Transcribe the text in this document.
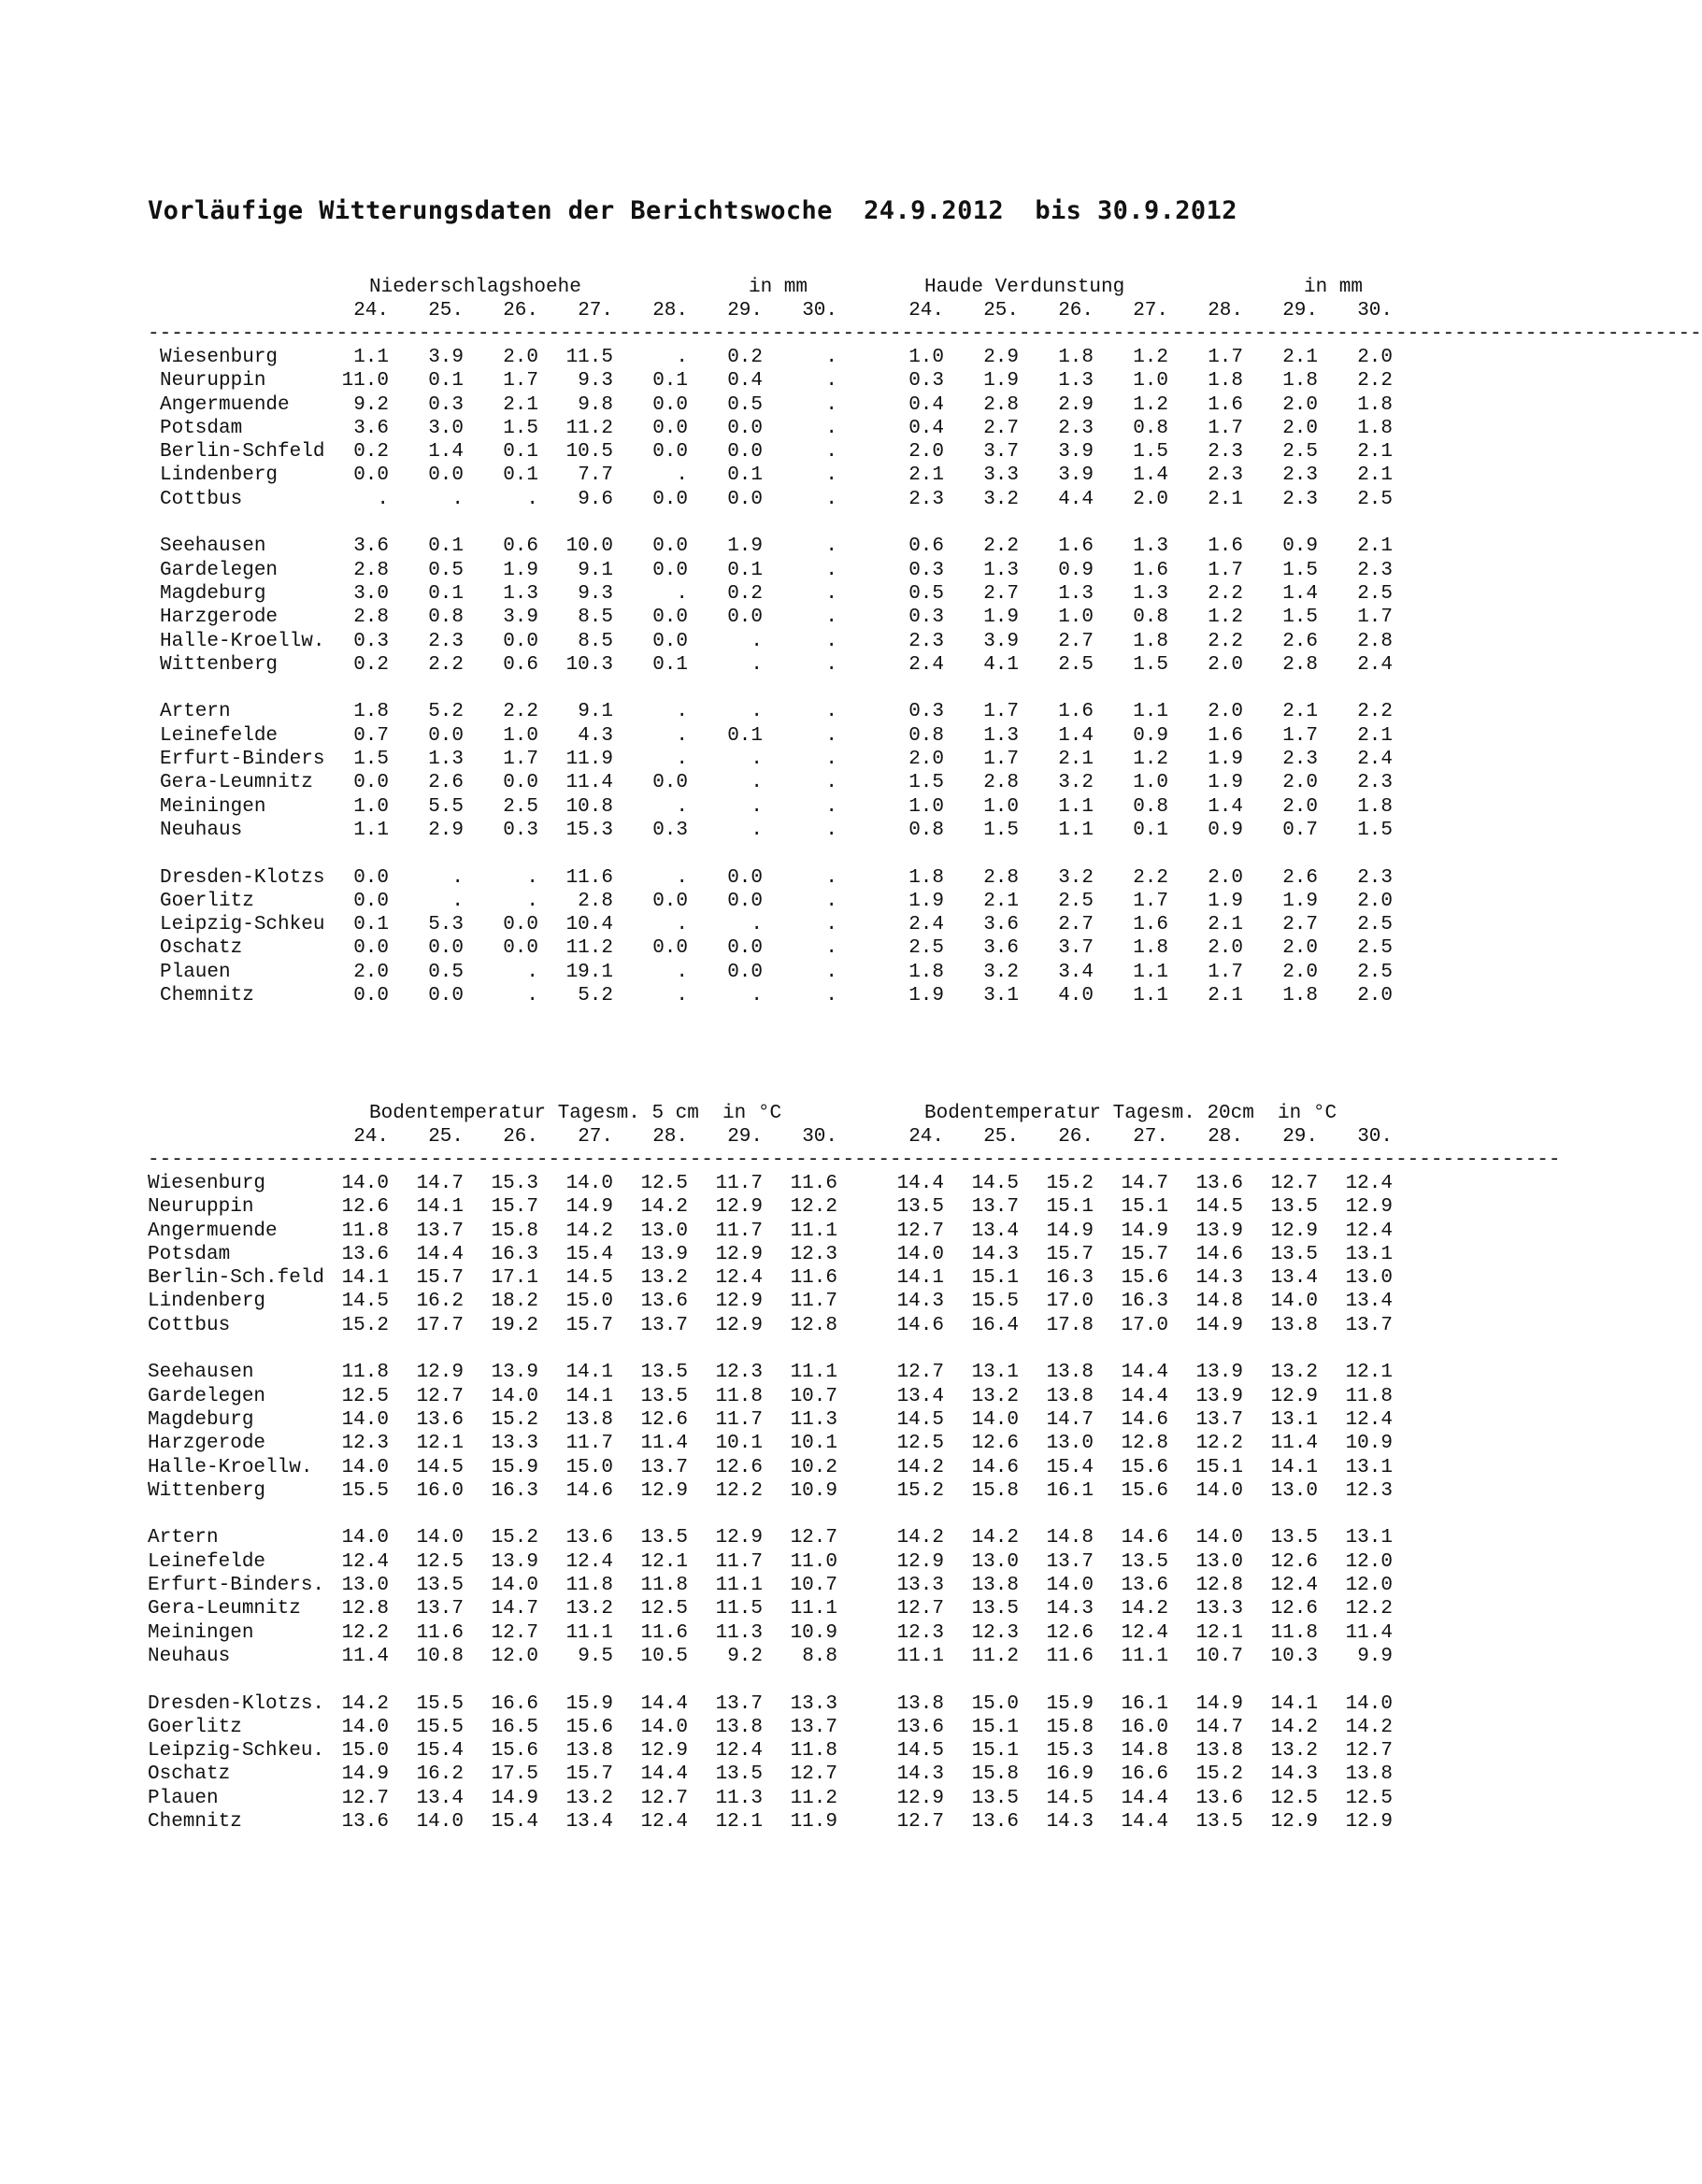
Vorläufige Witterungsdaten der Berichtswoche  24.9.2012  bis 30.9.2012
Niederschlagshoehe	in mm	Haude Verdunstung	in mm
24.	25.	26.	27.	28.	29.	30.	24.	25.	26.	27.	28.	29.	30.
------------------------------------------------------------------ ------------------------------------------------------------------
Wiesenburg	1.1	3.9	2.0	11.5	.	0.2	.	1.0	2.9	1.8	1.2	1.7	2.1	2.0
Neuruppin	11.0	0.1	1.7	9.3	0.1	0.4	.	0.3	1.9	1.3	1.0	1.8	1.8	2.2
Angermuende	9.2	0.3	2.1	9.8	0.0	0.5	.	0.4	2.8	2.9	1.2	1.6	2.0	1.8
Potsdam	3.6	3.0	1.5	11.2	0.0	0.0	.	0.4	2.7	2.3	0.8	1.7	2.0	1.8
Berlin-Schfeld	0.2	1.4	0.1	10.5	0.0	0.0	.	2.0	3.7	3.9	1.5	2.3	2.5	2.1
Lindenberg	0.0	0.0	0.1	7.7	.	0.1	.	2.1	3.3	3.9	1.4	2.3	2.3	2.1
Cottbus	.	.	.	9.6	0.0	0.0	.	2.3	3.2	4.4	2.0	2.1	2.3	2.5
Seehausen	3.6	0.1	0.6	10.0	0.0	1.9	.	0.6	2.2	1.6	1.3	1.6	0.9	2.1
Gardelegen	2.8	0.5	1.9	9.1	0.0	0.1	.	0.3	1.3	0.9	1.6	1.7	1.5	2.3
Magdeburg	3.0	0.1	1.3	9.3	.	0.2	.	0.5	2.7	1.3	1.3	2.2	1.4	2.5
Harzgerode	2.8	0.8	3.9	8.5	0.0	0.0	.	0.3	1.9	1.0	0.8	1.2	1.5	1.7
Halle-Kroellw.	0.3	2.3	0.0	8.5	0.0	.	.	2.3	3.9	2.7	1.8	2.2	2.6	2.8
Wittenberg	0.2	2.2	0.6	10.3	0.1	.	.	2.4	4.1	2.5	1.5	2.0	2.8	2.4
Artern	1.8	5.2	2.2	9.1	.	.	.	0.3	1.7	1.6	1.1	2.0	2.1	2.2
Leinefelde	0.7	0.0	1.0	4.3	.	0.1	.	0.8	1.3	1.4	0.9	1.6	1.7	2.1
Erfurt-Binders	1.5	1.3	1.7	11.9	.	.	.	2.0	1.7	2.1	1.2	1.9	2.3	2.4
Gera-Leumnitz	0.0	2.6	0.0	11.4	0.0	.	.	1.5	2.8	3.2	1.0	1.9	2.0	2.3
Meiningen	1.0	5.5	2.5	10.8	.	.	.	1.0	1.0	1.1	0.8	1.4	2.0	1.8
Neuhaus	1.1	2.9	0.3	15.3	0.3	.	.	0.8	1.5	1.1	0.1	0.9	0.7	1.5
Dresden-Klotzs	0.0	.	.	11.6	.	0.0	.	1.8	2.8	3.2	2.2	2.0	2.6	2.3
Goerlitz	0.0	.	.	2.8	0.0	0.0	.	1.9	2.1	2.5	1.7	1.9	1.9	2.0
Leipzig-Schkeu	0.1	5.3	0.0	10.4	.	.	.	2.4	3.6	2.7	1.6	2.1	2.7	2.5
Oschatz	0.0	0.0	0.0	11.2	0.0	0.0	.	2.5	3.6	3.7	1.8	2.0	2.0	2.5
Plauen	2.0	0.5	.	19.1	.	0.0	.	1.8	3.2	3.4	1.1	1.7	2.0	2.5
Chemnitz	0.0	0.0	.	5.2	.	.	.	1.9	3.1	4.0	1.1	2.1	1.8	2.0
Bodentemperatur Tagesm. 5 cm  in °C	Bodentemperatur Tagesm. 20cm  in °C
24.	25.	26.	27.	28.	29.	30.	24.	25.	26.	27.	28.	29.	30.
------------------------------------------------------------------ ------------------------------------------------------
Wiesenburg	14.0	14.7	15.3	14.0	12.5	11.7	11.6	14.4	14.5	15.2	14.7	13.6	12.7	12.4
Neuruppin	12.6	14.1	15.7	14.9	14.2	12.9	12.2	13.5	13.7	15.1	15.1	14.5	13.5	12.9
Angermuende	11.8	13.7	15.8	14.2	13.0	11.7	11.1	12.7	13.4	14.9	14.9	13.9	12.9	12.4
Potsdam	13.6	14.4	16.3	15.4	13.9	12.9	12.3	14.0	14.3	15.7	15.7	14.6	13.5	13.1
Berlin-Sch.feld 14.1	15.7	17.1	14.5	13.2	12.4	11.6	14.1	15.1	16.3	15.6	14.3	13.4	13.0
Lindenberg	14.5	16.2	18.2	15.0	13.6	12.9	11.7	14.3	15.5	17.0	16.3	14.8	14.0	13.4
Cottbus	15.2	17.7	19.2	15.7	13.7	12.9	12.8	14.6	16.4	17.8	17.0	14.9	13.8	13.7
Seehausen	11.8	12.9	13.9	14.1	13.5	12.3	11.1	12.7	13.1	13.8	14.4	13.9	13.2	12.1
Gardelegen	12.5	12.7	14.0	14.1	13.5	11.8	10.7	13.4	13.2	13.8	14.4	13.9	12.9	11.8
Magdeburg	14.0	13.6	15.2	13.8	12.6	11.7	11.3	14.5	14.0	14.7	14.6	13.7	13.1	12.4
Harzgerode	12.3	12.1	13.3	11.7	11.4	10.1	10.1	12.5	12.6	13.0	12.8	12.2	11.4	10.9
Halle-Kroellw.	14.0	14.5	15.9	15.0	13.7	12.6	10.2	14.2	14.6	15.4	15.6	15.1	14.1	13.1
Wittenberg	15.5	16.0	16.3	14.6	12.9	12.2	10.9	15.2	15.8	16.1	15.6	14.0	13.0	12.3
Artern	14.0	14.0	15.2	13.6	13.5	12.9	12.7	14.2	14.2	14.8	14.6	14.0	13.5	13.1
Leinefelde	12.4	12.5	13.9	12.4	12.1	11.7	11.0	12.9	13.0	13.7	13.5	13.0	12.6	12.0
Erfurt-Binders. 13.0	13.5	14.0	11.8	11.8	11.1	10.7	13.3	13.8	14.0	13.6	12.8	12.4	12.0
Gera-Leumnitz	12.8	13.7	14.7	13.2	12.5	11.5	11.1	12.7	13.5	14.3	14.2	13.3	12.6	12.2
Meiningen	12.2	11.6	12.7	11.1	11.6	11.3	10.9	12.3	12.3	12.6	12.4	12.1	11.8	11.4
Neuhaus	11.4	10.8	12.0	9.5	10.5	9.2	8.8	11.1	11.2	11.6	11.1	10.7	10.3	9.9
Dresden-Klotzs. 14.2	15.5	16.6	15.9	14.4	13.7	13.3	13.8	15.0	15.9	16.1	14.9	14.1	14.0
Goerlitz	14.0	15.5	16.5	15.6	14.0	13.8	13.7	13.6	15.1	15.8	16.0	14.7	14.2	14.2
Leipzig-Schkeu. 15.0	15.4	15.6	13.8	12.9	12.4	11.8	14.5	15.1	15.3	14.8	13.8	13.2	12.7
Oschatz	14.9	16.2	17.5	15.7	14.4	13.5	12.7	14.3	15.8	16.9	16.6	15.2	14.3	13.8
Plauen	12.7	13.4	14.9	13.2	12.7	11.3	11.2	12.9	13.5	14.5	14.4	13.6	12.5	12.5
Chemnitz	13.6	14.0	15.4	13.4	12.4	12.1	11.9	12.7	13.6	14.3	14.4	13.5	12.9	12.9
